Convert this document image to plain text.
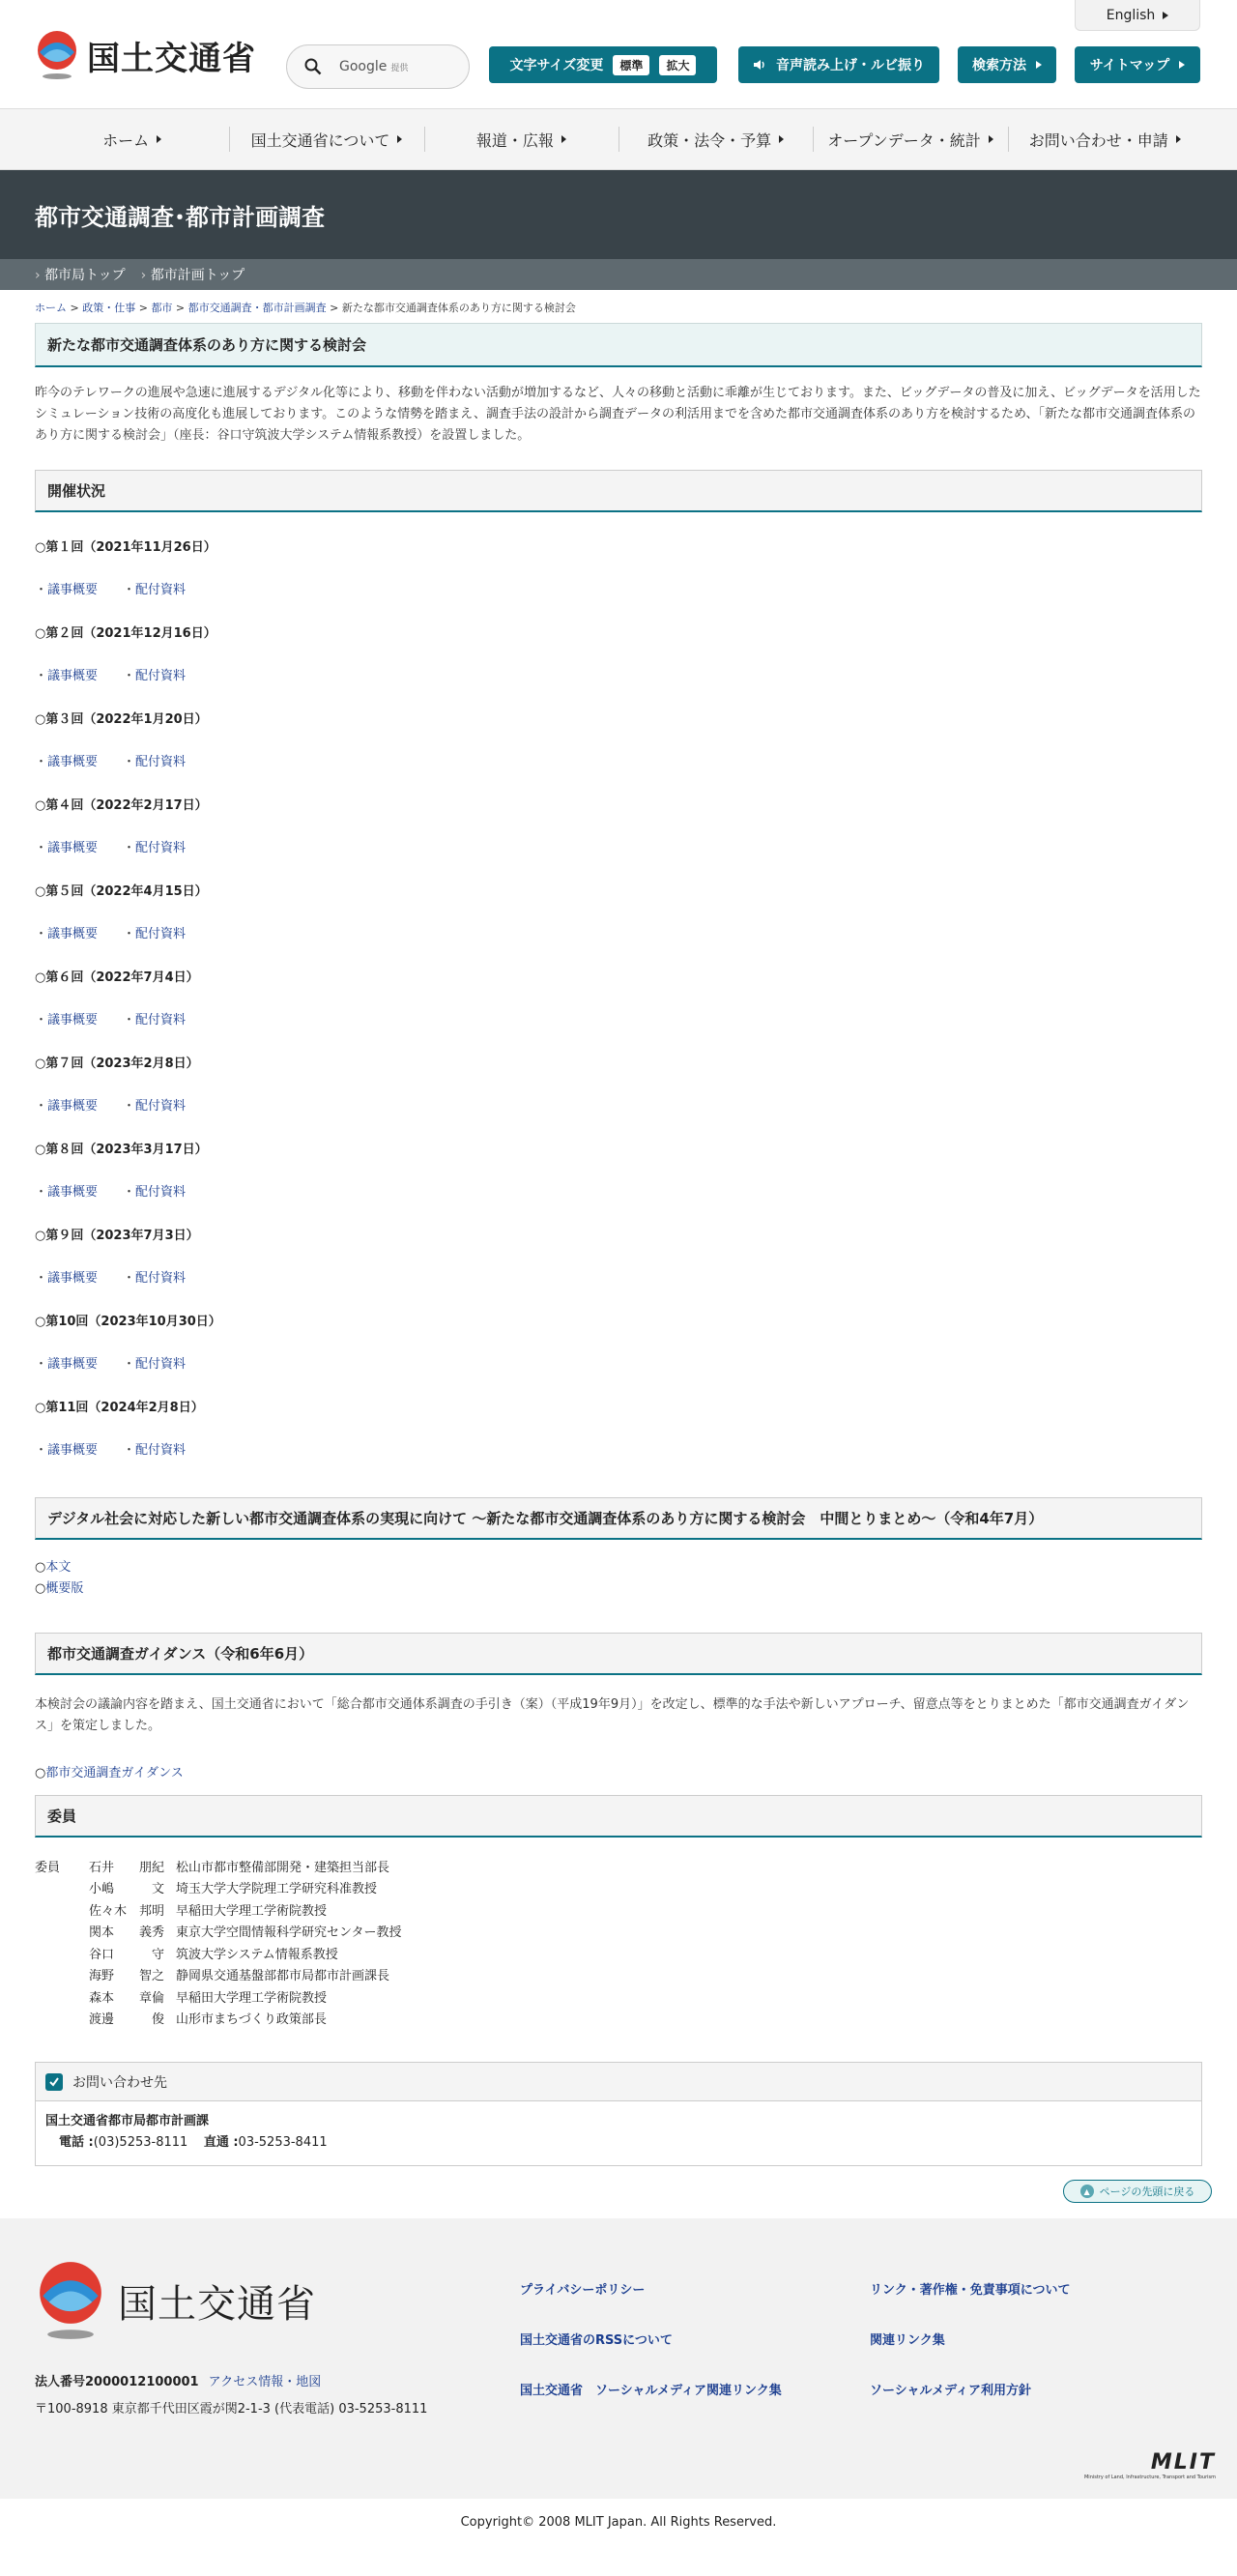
English
国土交通省	Google 提供	文字サイズ変更	標準	拡大	音声読み上げ・ルビ振り	検索方法	サイトマップ
ホーム	国土交通省について	報道・広報	政策・法令・予算	オープンデータ・統計	お問い合わせ・申請
都市交通調査･都市計画調査
› 都市局トップ › 都市計画トップ
ホーム > 政策・仕事 > 都市 > 都市交通調査・都市計画調査 > 新たな都市交通調査体系のあり方に関する検討会
新たな都市交通調査体系のあり方に関する検討会

昨今のテレワークの進展や急速に進展するデジタル化等により、移動を伴わない活動が増加するなど、人々の移動と活動に乖離が生じております。また、ビッグデータの普及に加え、ビッグデータを活用したシミュレーション技術の高度化も進展しております。このような情勢を踏まえ、調査手法の設計から調査データの利活用までを含めた都市交通調査体系のあり方を検討するため、「新たな都市交通調査体系のあり方に関する検討会」（座長：谷口守筑波大学システム情報系教授）を設置しました。

開催状況
○第１回（2021年11月26日）
・議事概要 ・配付資料
○第２回（2021年12月16日）
・議事概要 ・配付資料
○第３回（2022年1月20日）
・議事概要 ・配付資料
○第４回（2022年2月17日）
・議事概要 ・配付資料
○第５回（2022年4月15日）
・議事概要 ・配付資料
○第６回（2022年7月4日）
・議事概要 ・配付資料
○第７回（2023年2月8日）
・議事概要 ・配付資料
○第８回（2023年3月17日）
・議事概要 ・配付資料
○第９回（2023年7月3日）
・議事概要 ・配付資料
○第10回（2023年10月30日）
・議事概要 ・配付資料
○第11回（2024年2月8日）
・議事概要 ・配付資料
デジタル社会に対応した新しい都市交通調査体系の実現に向けて ～新たな都市交通調査体系のあり方に関する検討会　中間とりまとめ～（令和4年7月）
○本文
○概要版
都市交通調査ガイダンス（令和6年6月）

本検討会の議論内容を踏まえ、国土交通省において「総合都市交通体系調査の手引き（案）（平成19年9月）」を改定し、標準的な手法や新しいアプローチ、留意点等をとりまとめた「都市交通調査ガイダンス」を策定しました。

○都市交通調査ガイダンス
委員
委員	石井 朋紀 松山市都市整備部開発・建築担当部長
小嶋	文 埼玉大学大学院理工学研究科准教授
佐々木 邦明 早稲田大学理工学術院教授
関本 義秀 東京大学空間情報科学研究センター教授
谷口	守 筑波大学システム情報系教授
海野 智之 静岡県交通基盤部都市局都市計画課長
森本 章倫 早稲田大学理工学術院教授
渡邊	俊 山形市まちづくり政策部長
お問い合わせ先
国土交通省都市局都市計画課
電話 :(03)5253-8111 直通 :03-5253-8411
▲ ページの先頭に戻る
国土交通省
法人番号2000012100001 アクセス情報・地図
〒100-8918 東京都千代田区霞が関2-1-3 (代表電話) 03-5253-8111
プライバシーポリシー	リンク・著作権・免責事項について
国土交通省のRSSについて	関連リンク集
国土交通省　ソーシャルメディア関連リンク集	ソーシャルメディア利用方針
MLIT
Ministry of Land, Infrastructure, Transport and Tourism
Copyright© 2008 MLIT Japan. All Rights Reserved.
